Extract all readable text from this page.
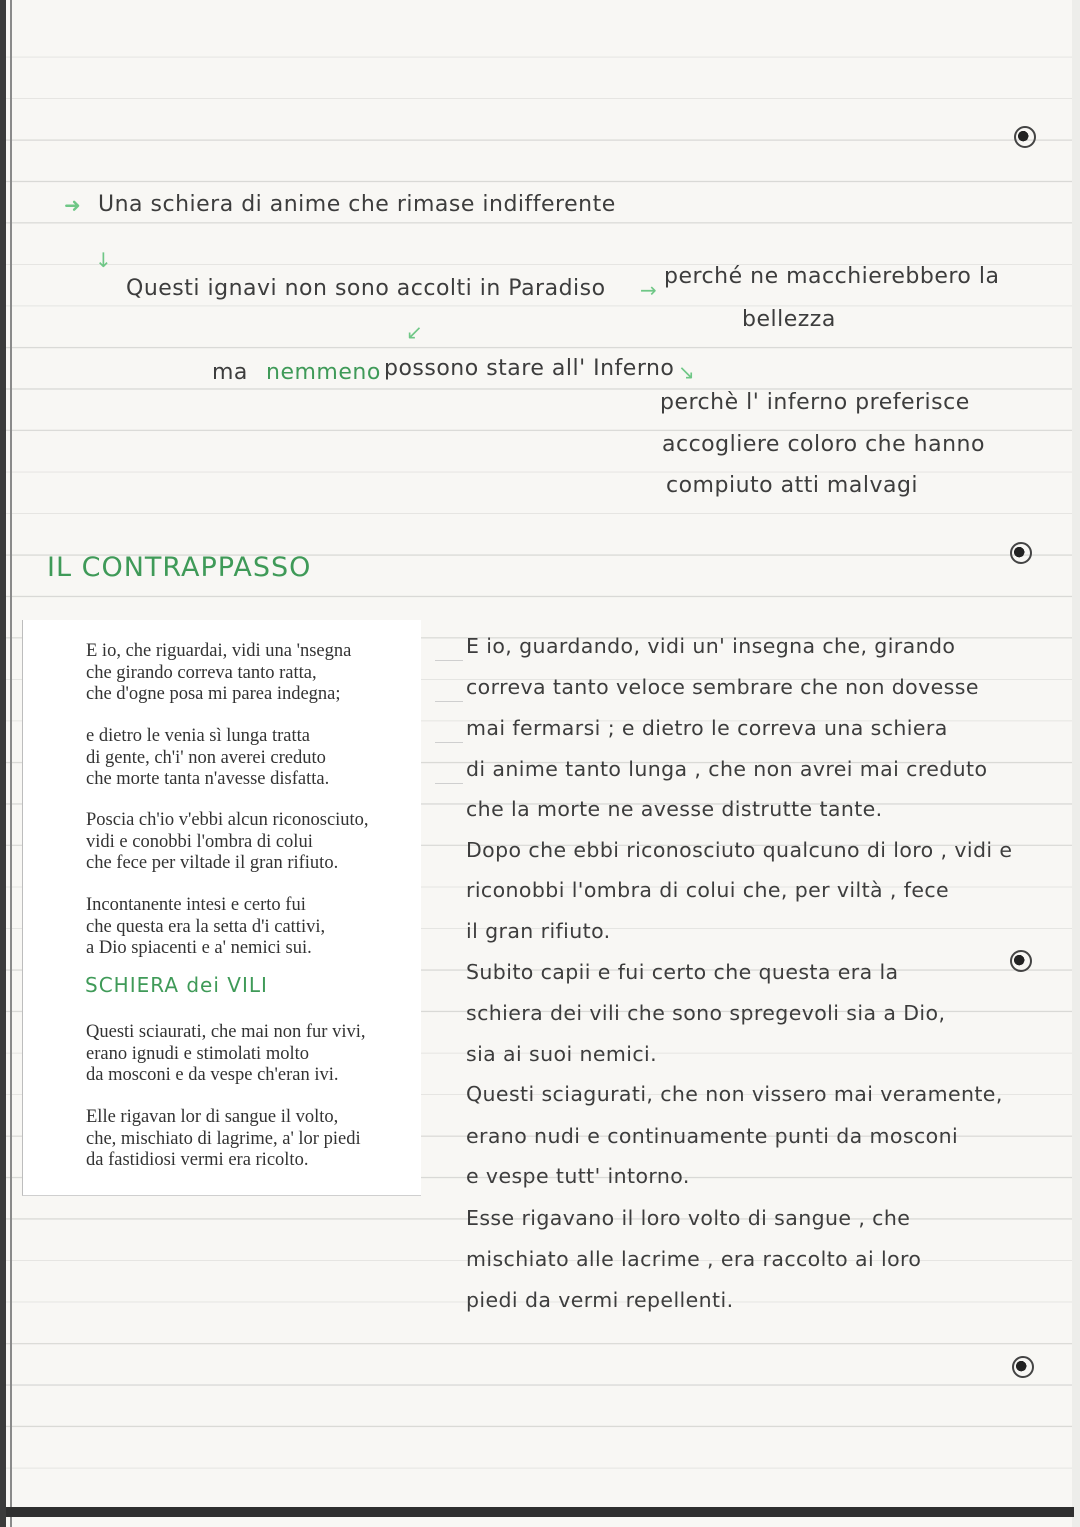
➜ Una schiera di anime che rimase indifferente
↓
Questi ignavi non sono accolti in Paradiso →
perché ne macchierebbero la
bellezza
↙
ma nemmeno possono stare all' Inferno ↘
perchè l' inferno preferisce
accogliere coloro che hanno
compiuto atti malvagi
IL CONTRAPPASSO
E io, che riguardai, vidi una 'nsegna
che girando correva tanto ratta,
che d'ogne posa mi parea indegna;
e dietro le venia sì lunga tratta
di gente, ch'i' non averei creduto
che morte tanta n'avesse disfatta.
Poscia ch'io v'ebbi alcun riconosciuto,
vidi e conobbi l'ombra di colui
che fece per viltade il gran rifiuto.
Incontanente intesi e certo fui
che questa era la setta d'i cattivi,
a Dio spiacenti e a' nemici sui.
SCHIERA dei VILI
Questi sciaurati, che mai non fur vivi,
erano ignudi e stimolati molto
da mosconi e da vespe ch'eran ivi.
Elle rigavan lor di sangue il volto,
che, mischiato di lagrime, a' lor piedi
da fastidiosi vermi era ricolto.
E io, guardando, vidi un' insegna che, girando
correva tanto veloce sembrare che non dovesse
mai fermarsi ; e dietro le correva una schiera
di anime tanto lunga , che non avrei mai creduto
che la morte ne avesse distrutte tante.
Dopo che ebbi riconosciuto qualcuno di loro , vidi e
riconobbi l'ombra di colui che, per viltà , fece
il gran rifiuto.
Subito capii e fui certo che questa era la
schiera dei vili che sono spregevoli sia a Dio,
sia ai suoi nemici.
Questi sciagurati, che non vissero mai veramente,
erano nudi e continuamente punti da mosconi
e vespe tutt' intorno.
Esse rigavano il loro volto di sangue , che
mischiato alle lacrime , era raccolto ai loro
piedi da vermi repellenti.
